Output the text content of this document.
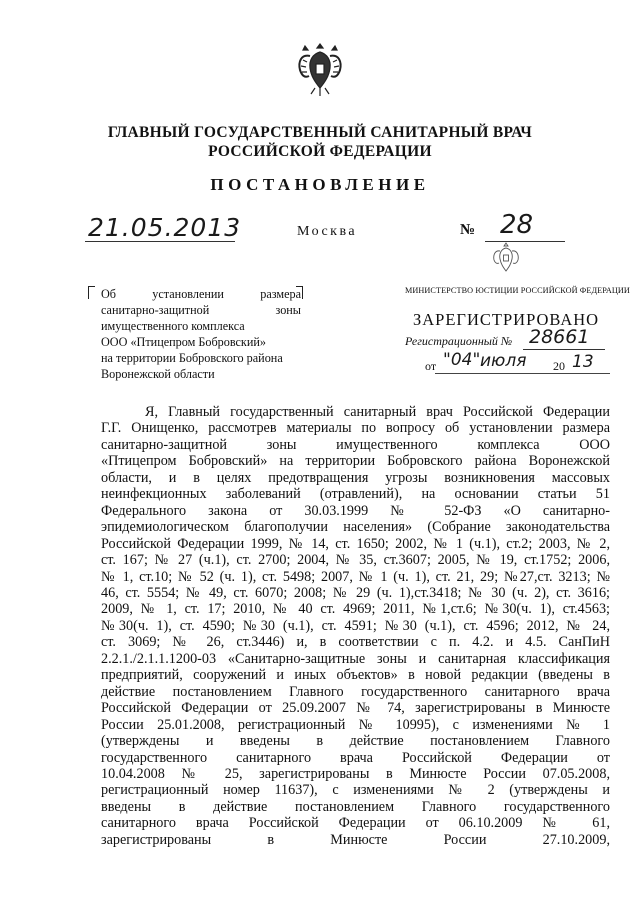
ГЛАВНЫЙ ГОСУДАРСТВЕННЫЙ САНИТАРНЫЙ ВРАЧ
РОССИЙСКОЙ ФЕДЕРАЦИИ
ПОСТАНОВЛЕНИЕ
21.05.2013	Москва	№ 28

Об установлении размера

санитарно-защитной зоны

имущественного комплекса

ООО «Птицепром Бобровский»

на территории Бобровского района

Воронежской области

МИНИСТЕРСТВО ЮСТИЦИИ РОССИЙСКОЙ ФЕДЕРАЦИИ
ЗАРЕГИСТРИРОВАНО
Регистрационный № 28661
от "04" июля 20 13

Я, Главный государственный санитарный врач Российской Федерации

Г.Г. Онищенко, рассмотрев материалы по вопросу об установлении размера

санитарно-защитной зоны имущественного комплекса ООО

«Птицепром Бобровский» на территории Бобровского района Воронежской

области, и в целях предотвращения угрозы возникновения массовых

неинфекционных заболеваний (отравлений), на основании статьи 51

Федерального закона от 30.03.1999 № 52-ФЗ «О санитарно-

эпидемиологическом благополучии населения» (Собрание законодательства

Российской Федерации 1999, № 14, ст. 1650; 2002, № 1 (ч.1), ст.2; 2003, № 2,

ст. 167; № 27 (ч.1), ст. 2700; 2004, № 35, ст.3607; 2005, № 19, ст.1752; 2006,

№ 1, ст.10; № 52 (ч. 1), ст. 5498; 2007, № 1 (ч. 1), ст. 21, 29; №27,ст. 3213; №

46, ст. 5554; № 49, ст. 6070; 2008; № 29 (ч. 1),ст.3418; № 30 (ч. 2), ст. 3616;

2009, № 1, ст. 17; 2010, № 40 ст. 4969; 2011, №1,ст.6; №30(ч. 1), ст.4563;

№30(ч. 1), ст. 4590; №30 (ч.1), ст. 4591; №30 (ч.1), ст. 4596; 2012, № 24,

ст. 3069; № 26, ст.3446) и, в соответствии с п. 4.2. и 4.5. СанПиН

2.2.1./2.1.1.1200-03 «Санитарно-защитные зоны и санитарная классификация

предприятий, сооружений и иных объектов» в новой редакции (введены в

действие постановлением Главного государственного санитарного врача

Российской Федерации от 25.09.2007 № 74, зарегистрированы в Минюсте

России 25.01.2008, регистрационный № 10995), с изменениями № 1

(утверждены и введены в действие постановлением Главного

государственного санитарного врача Российской Федерации от

10.04.2008 № 25, зарегистрированы в Минюсте России 07.05.2008,

регистрационный номер 11637), с изменениями № 2 (утверждены и

введены в действие постановлением Главного государственного

санитарного врача Российской Федерации от 06.10.2009 № 61,

зарегистрированы в Минюсте России 27.10.2009,
